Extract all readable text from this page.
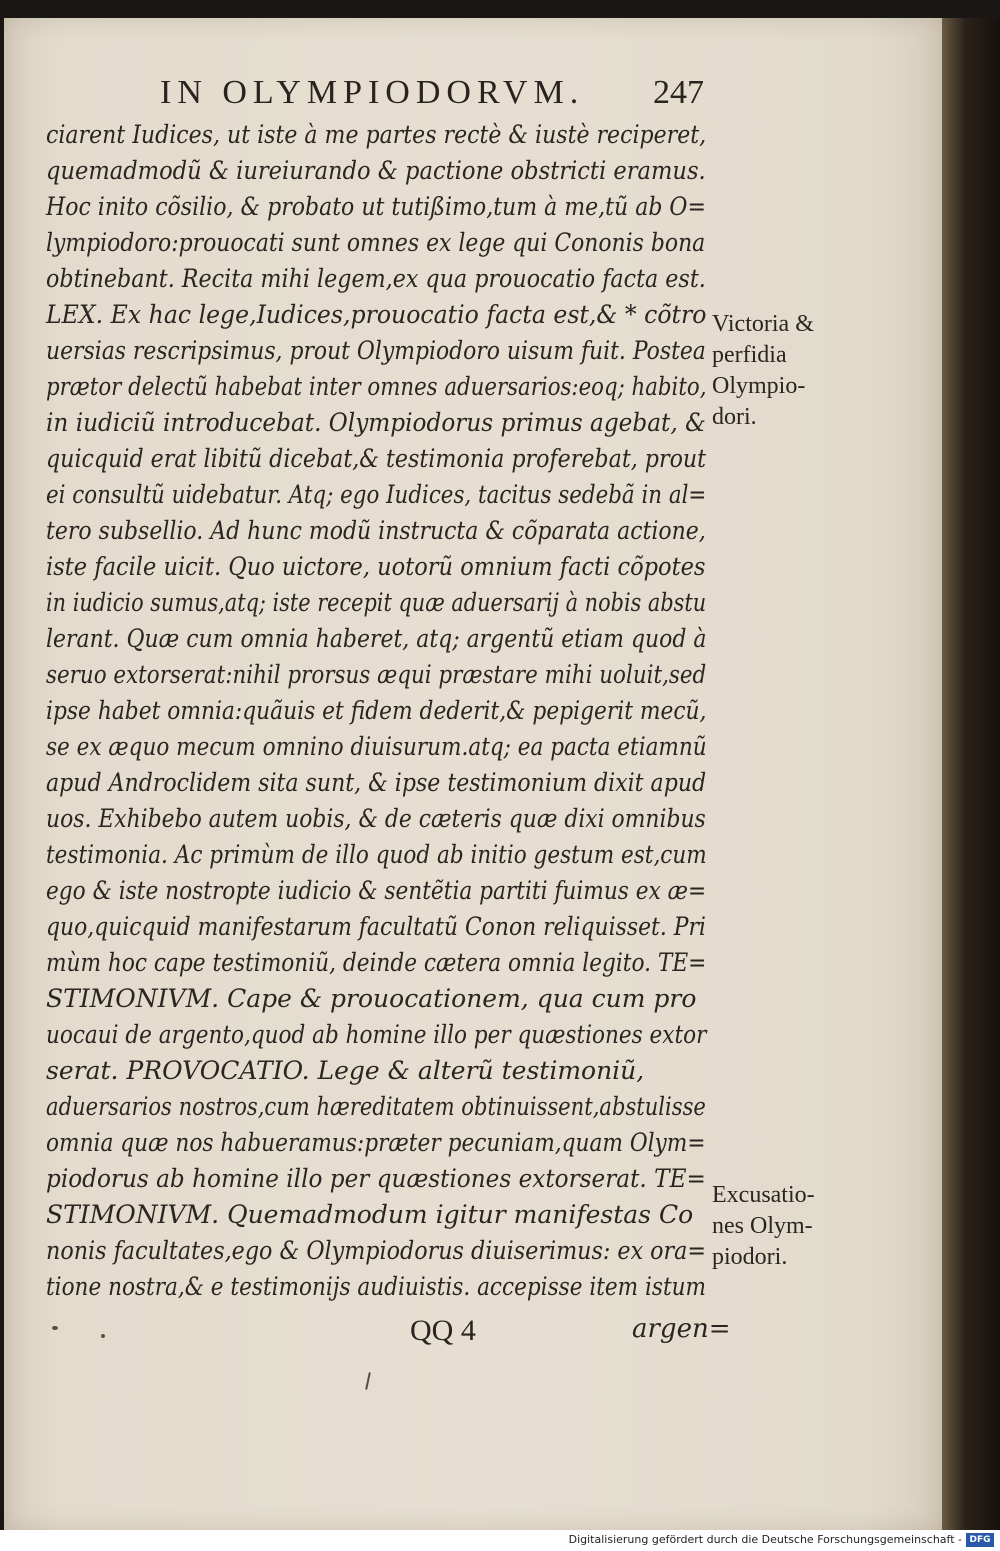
IN OLYMPIODORVM. 247
ciarent Iudices, ut iste à me partes rectè & iustè reciperet,
quemadmodũ & iureiurando & pactione obstricti eramus.
Hoc inito cõsilio, & probato ut tutißimo,tum à me,tũ ab O=
lympiodoro:prouocati sunt omnes ex lege qui Cononis bona
obtinebant. Recita mihi legem,ex qua prouocatio facta est.
LEX. Ex hac lege,Iudices,prouocatio facta est,& * cõtro
uersias rescripsimus, prout Olympiodoro uisum fuit. Postea
prætor delectũ habebat inter omnes aduersarios:eoq; habito,
in iudiciũ introducebat. Olympiodorus primus agebat, &
quicquid erat libitũ dicebat,& testimonia proferebat, prout
ei consultũ uidebatur. Atq; ego Iudices, tacitus sedebã in al=
tero subsellio. Ad hunc modũ instructa & cõparata actione,
iste facile uicit. Quo uictore, uotorũ omnium facti cõpotes
in iudicio sumus,atq; iste recepit quæ aduersarij à nobis abstu
lerant. Quæ cum omnia haberet, atq; argentũ etiam quod à
seruo extorserat:nihil prorsus æqui præstare mihi uoluit,sed
ipse habet omnia:quãuis et fidem dederit,& pepigerit mecũ,
se ex æquo mecum omnino diuisurum.atq; ea pacta etiamnũ
apud Androclidem sita sunt, & ipse testimonium dixit apud
uos. Exhibebo autem uobis, & de cæteris quæ dixi omnibus
testimonia. Ac primùm de illo quod ab initio gestum est,cum
ego & iste nostropte iudicio & sentẽtia partiti fuimus ex æ=
quo,quicquid manifestarum facultatũ Conon reliquisset. Pri
mùm hoc cape testimoniũ, deinde cætera omnia legito. TE=
STIMONIVM. Cape & prouocationem, qua cum pro
uocaui de argento,quod ab homine illo per quæstiones extor
serat. PROVOCATIO. Lege & alterũ testimoniũ,
aduersarios nostros,cum hæreditatem obtinuissent,abstulisse
omnia quæ nos habueramus:præter pecuniam,quam Olym=
piodorus ab homine illo per quæstiones extorserat. TE=
STIMONIVM. Quemadmodum igitur manifestas Co
nonis facultates,ego & Olympiodorus diuiserimus: ex ora=
tione nostra,& e testimonijs audiuistis. accepisse item istum
Victoria &
perfidia
Olympio-
dori.
Excusatio-
nes Olym-
piodori.
QQ 4	argen=
Digitalisierung gefördert durch die Deutsche Forschungsgemeinschaft - DFG
